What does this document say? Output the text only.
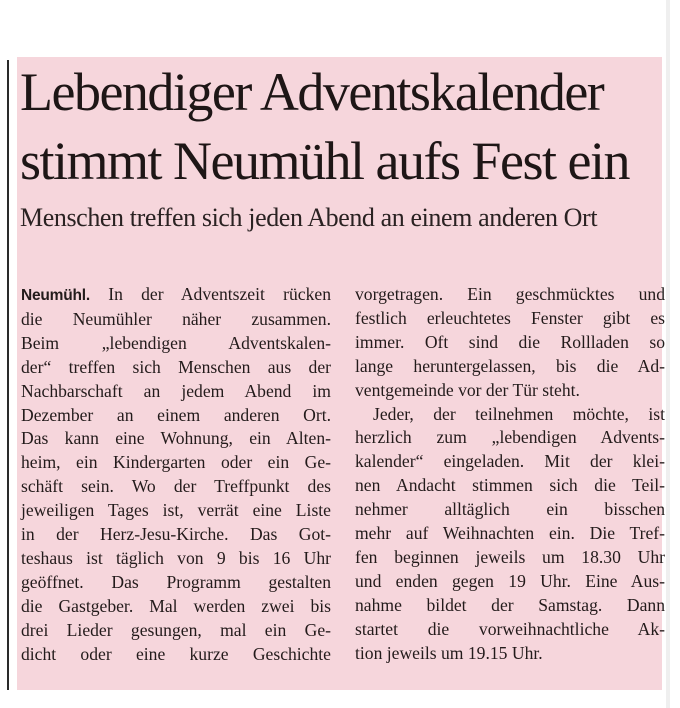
Lebendiger Adventskalender
stimmt Neumühl aufs Fest ein
Menschen treffen sich jeden Abend an einem anderen Ort
Neumühl. In der Adventszeit rücken
die Neumühler näher zusammen.
Beim „lebendigen Adventskalen-
der“ treffen sich Menschen aus der
Nachbarschaft an jedem Abend im
Dezember an einem anderen Ort.
Das kann eine Wohnung, ein Alten-
heim, ein Kindergarten oder ein Ge-
schäft sein. Wo der Treffpunkt des
jeweiligen Tages ist, verrät eine Liste
in der Herz-Jesu-Kirche. Das Got-
teshaus ist täglich von 9 bis 16 Uhr
geöffnet. Das Programm gestalten
die Gastgeber. Mal werden zwei bis
drei Lieder gesungen, mal ein Ge-
dicht oder eine kurze Geschichte
vorgetragen. Ein geschmücktes und
festlich erleuchtetes Fenster gibt es
immer. Oft sind die Rollladen so
lange heruntergelassen, bis die Ad-
ventgemeinde vor der Tür steht.
Jeder, der teilnehmen möchte, ist
herzlich zum „lebendigen Advents-
kalender“ eingeladen. Mit der klei-
nen Andacht stimmen sich die Teil-
nehmer alltäglich ein bisschen
mehr auf Weihnachten ein. Die Tref-
fen beginnen jeweils um 18.30 Uhr
und enden gegen 19 Uhr. Eine Aus-
nahme bildet der Samstag. Dann
startet die vorweihnachtliche Ak-
tion jeweils um 19.15 Uhr.
